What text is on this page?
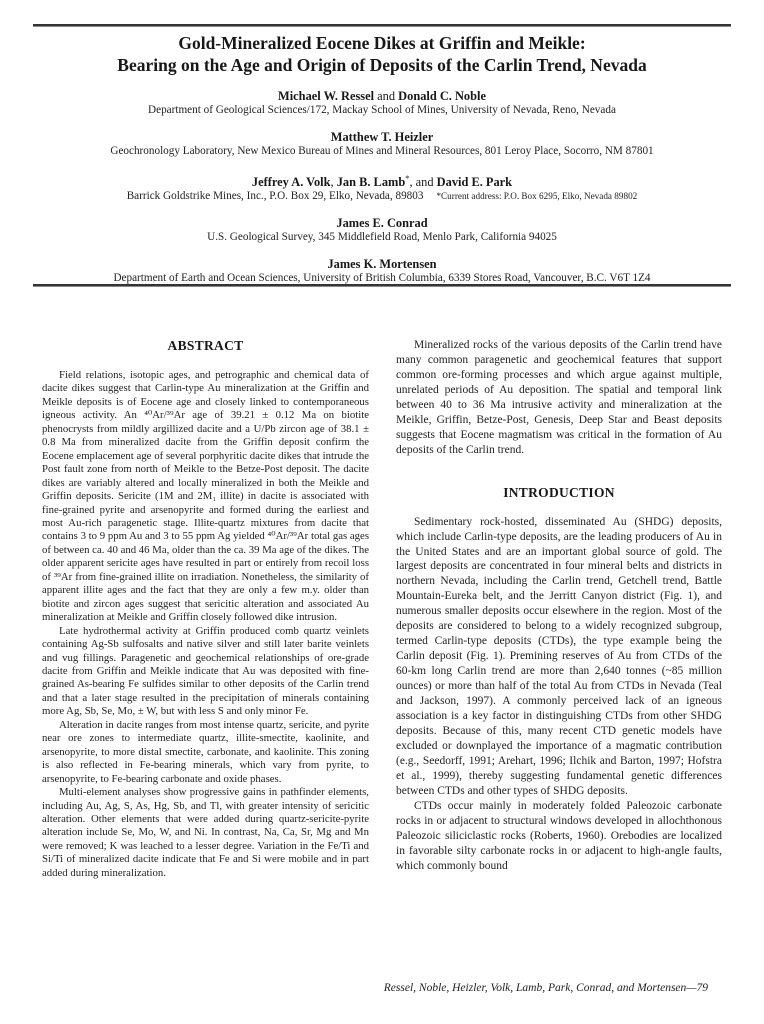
Gold-Mineralized Eocene Dikes at Griffin and Meikle:
Bearing on the Age and Origin of Deposits of the Carlin Trend, Nevada
Michael W. Ressel and Donald C. Noble
Department of Geological Sciences/172, Mackay School of Mines, University of Nevada, Reno, Nevada
Matthew T. Heizler
Geochronology Laboratory, New Mexico Bureau of Mines and Mineral Resources, 801 Leroy Place, Socorro, NM 87801
Jeffrey A. Volk, Jan B. Lamb*, and David E. Park
Barrick Goldstrike Mines, Inc., P.O. Box 29, Elko, Nevada, 89803 *Current address: P.O. Box 6295, Elko, Nevada 89802
James E. Conrad
U.S. Geological Survey, 345 Middlefield Road, Menlo Park, California 94025
James K. Mortensen
Department of Earth and Ocean Sciences, University of British Columbia, 6339 Stores Road, Vancouver, B.C. V6T 1Z4
ABSTRACT

Field relations, isotopic ages, and petrographic and chemical data of dacite dikes suggest that Carlin-type Au mineralization at the Griffin and Meikle deposits is of Eocene age and closely linked to contemporaneous igneous activity. An ⁴⁰Ar/³⁹Ar age of 39.21 ± 0.12 Ma on biotite phenocrysts from mildly argillized dacite and a U/Pb zircon age of 38.1 ± 0.8 Ma from mineralized dacite from the Griffin deposit confirm the Eocene emplacement age of several porphyritic dacite dikes that intrude the Post fault zone from north of Meikle to the Betze-Post deposit. The dacite dikes are variably altered and locally mineralized in both the Meikle and Griffin deposits. Sericite (1M and 2M₁ illite) in dacite is associated with fine-grained pyrite and arsenopyrite and formed during the earliest and most Au-rich paragenetic stage. Illite-quartz mixtures from dacite that contains 3 to 9 ppm Au and 3 to 55 ppm Ag yielded ⁴⁰Ar/³⁹Ar total gas ages of between ca. 40 and 46 Ma, older than the ca. 39 Ma age of the dikes. The older apparent sericite ages have resulted in part or entirely from recoil loss of ³⁹Ar from fine-grained illite on irradiation. Nonetheless, the similarity of apparent illite ages and the fact that they are only a few m.y. older than biotite and zircon ages suggest that sericitic alteration and associated Au mineralization at Meikle and Griffin closely followed dike intrusion.

Late hydrothermal activity at Griffin produced comb quartz veinlets containing Ag-Sb sulfosalts and native silver and still later barite veinlets and vug fillings. Paragenetic and geochemical relationships of ore-grade dacite from Griffin and Meikle indicate that Au was deposited with fine-grained As-bearing Fe sulfides similar to other deposits of the Carlin trend and that a later stage resulted in the precipitation of minerals containing more Ag, Sb, Se, Mo, ± W, but with less S and only minor Fe.

Alteration in dacite ranges from most intense quartz, sericite, and pyrite near ore zones to intermediate quartz, illite-smectite, kaolinite, and arsenopyrite, to more distal smectite, carbonate, and kaolinite. This zoning is also reflected in Fe-bearing minerals, which vary from pyrite, to arsenopyrite, to Fe-bearing carbonate and oxide phases.

Multi-element analyses show progressive gains in pathfinder elements, including Au, Ag, S, As, Hg, Sb, and Tl, with greater intensity of sericitic alteration. Other elements that were added during quartz-sericite-pyrite alteration include Se, Mo, W, and Ni. In contrast, Na, Ca, Sr, Mg and Mn were removed; K was leached to a lesser degree. Variation in the Fe/Ti and Si/Ti of mineralized dacite indicate that Fe and Si were mobile and in part added during mineralization.

Mineralized rocks of the various deposits of the Carlin trend have many common paragenetic and geochemical features that support common ore-forming processes and which argue against multiple, unrelated periods of Au deposition. The spatial and temporal link between 40 to 36 Ma intrusive activity and mineralization at the Meikle, Griffin, Betze-Post, Genesis, Deep Star and Beast deposits suggests that Eocene magmatism was critical in the formation of Au deposits of the Carlin trend.

INTRODUCTION

Sedimentary rock-hosted, disseminated Au (SHDG) deposits, which include Carlin-type deposits, are the leading producers of Au in the United States and are an important global source of gold. The largest deposits are concentrated in four mineral belts and districts in northern Nevada, including the Carlin trend, Getchell trend, Battle Mountain-Eureka belt, and the Jerritt Canyon district (Fig. 1), and numerous smaller deposits occur elsewhere in the region. Most of the deposits are considered to belong to a widely recognized subgroup, termed Carlin-type deposits (CTDs), the type example being the Carlin deposit (Fig. 1). Premining reserves of Au from CTDs of the 60-km long Carlin trend are more than 2,640 tonnes (~85 million ounces) or more than half of the total Au from CTDs in Nevada (Teal and Jackson, 1997). A commonly perceived lack of an igneous association is a key factor in distinguishing CTDs from other SHDG deposits. Because of this, many recent CTD genetic models have excluded or downplayed the importance of a magmatic contribution (e.g., Seedorff, 1991; Arehart, 1996; Ilchik and Barton, 1997; Hofstra et al., 1999), thereby suggesting fundamental genetic differences between CTDs and other types of SHDG deposits.

CTDs occur mainly in moderately folded Paleozoic carbonate rocks in or adjacent to structural windows developed in allochthonous Paleozoic siliciclastic rocks (Roberts, 1960). Orebodies are localized in favorable silty carbonate rocks in or adjacent to high-angle faults, which commonly bound

Ressel, Noble, Heizler, Volk, Lamb, Park, Conrad, and Mortensen—79
